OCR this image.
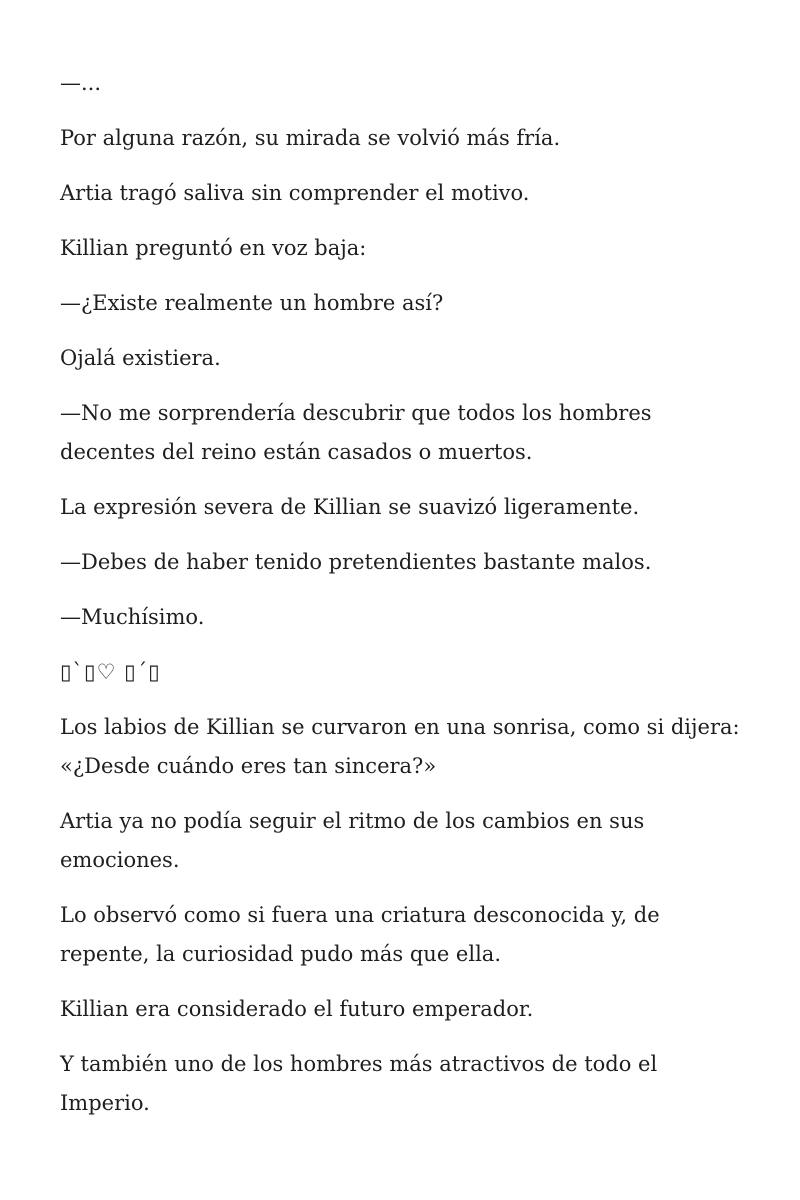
—...

Por alguna razón, su mirada se volvió más fría.

Artia tragó saliva sin comprender el motivo.

Killian preguntó en voz baja:

—¿Existe realmente un hombre así?

Ojalá existiera.

—No me sorprendería descubrir que todos los hombres decentes del reino están casados o muertos.

La expresión severa de Killian se suavizó ligeramente.

—Debes de haber tenido pretendientes bastante malos.

—Muchísimo.

▯`▯♡ ▯´▯

Los labios de Killian se curvaron en una sonrisa, como si dijera: «¿Desde cuándo eres tan sincera?»

Artia ya no podía seguir el ritmo de los cambios en sus emociones.

Lo observó como si fuera una criatura desconocida y, de repente, la curiosidad pudo más que ella.

Killian era considerado el futuro emperador.

Y también uno de los hombres más atractivos de todo el Imperio.
